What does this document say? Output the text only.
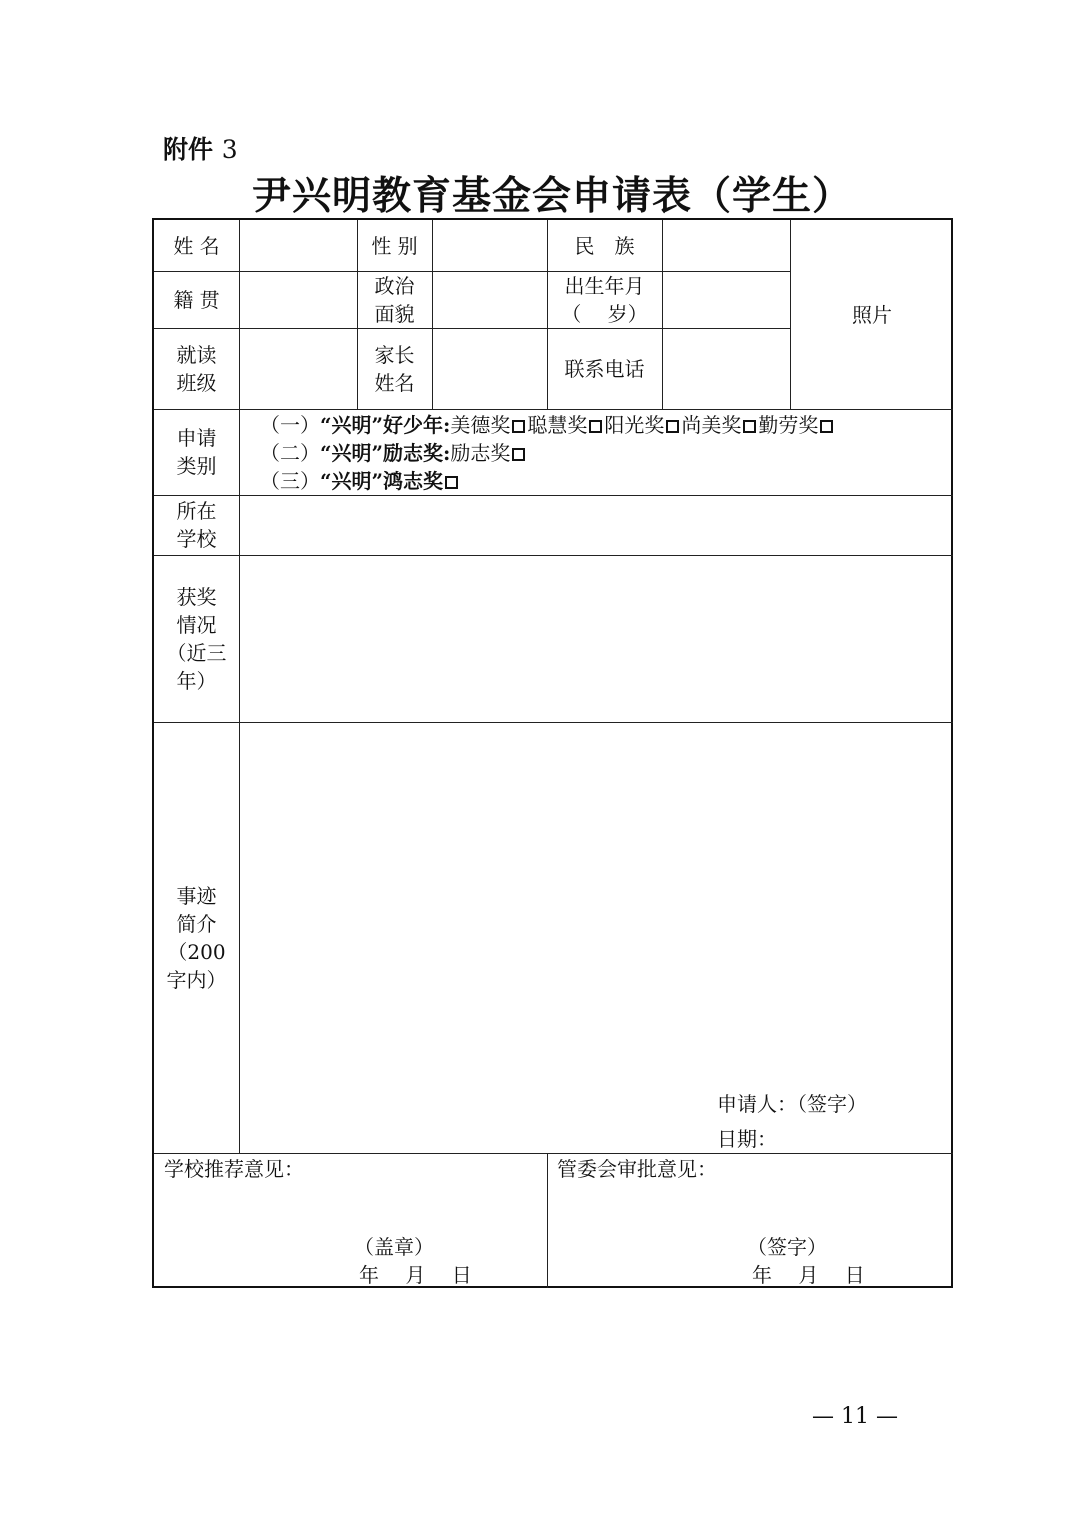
附件 3
尹兴明教育基金会申请表（学生）
姓 名	性 别	民　族
籍 贯
政治
面貌
出生年月
（　 岁）
就读
班级
家长
姓名
联系电话
照片
申请
类别
（一）“兴明”好少年:美德奖 聪慧奖 阳光奖 尚美奖 勤劳奖
（二）“兴明”励志奖:励志奖
（三）“兴明”鸿志奖
所在
学校
获奖
情况
（近三
年）
事迹
简介
（200
字内）
申请人：（签字）
日期：
学校推荐意见：
（盖章）
年　 月　 日
管委会审批意见：
（签字）
年　 月　 日
— 11 —
